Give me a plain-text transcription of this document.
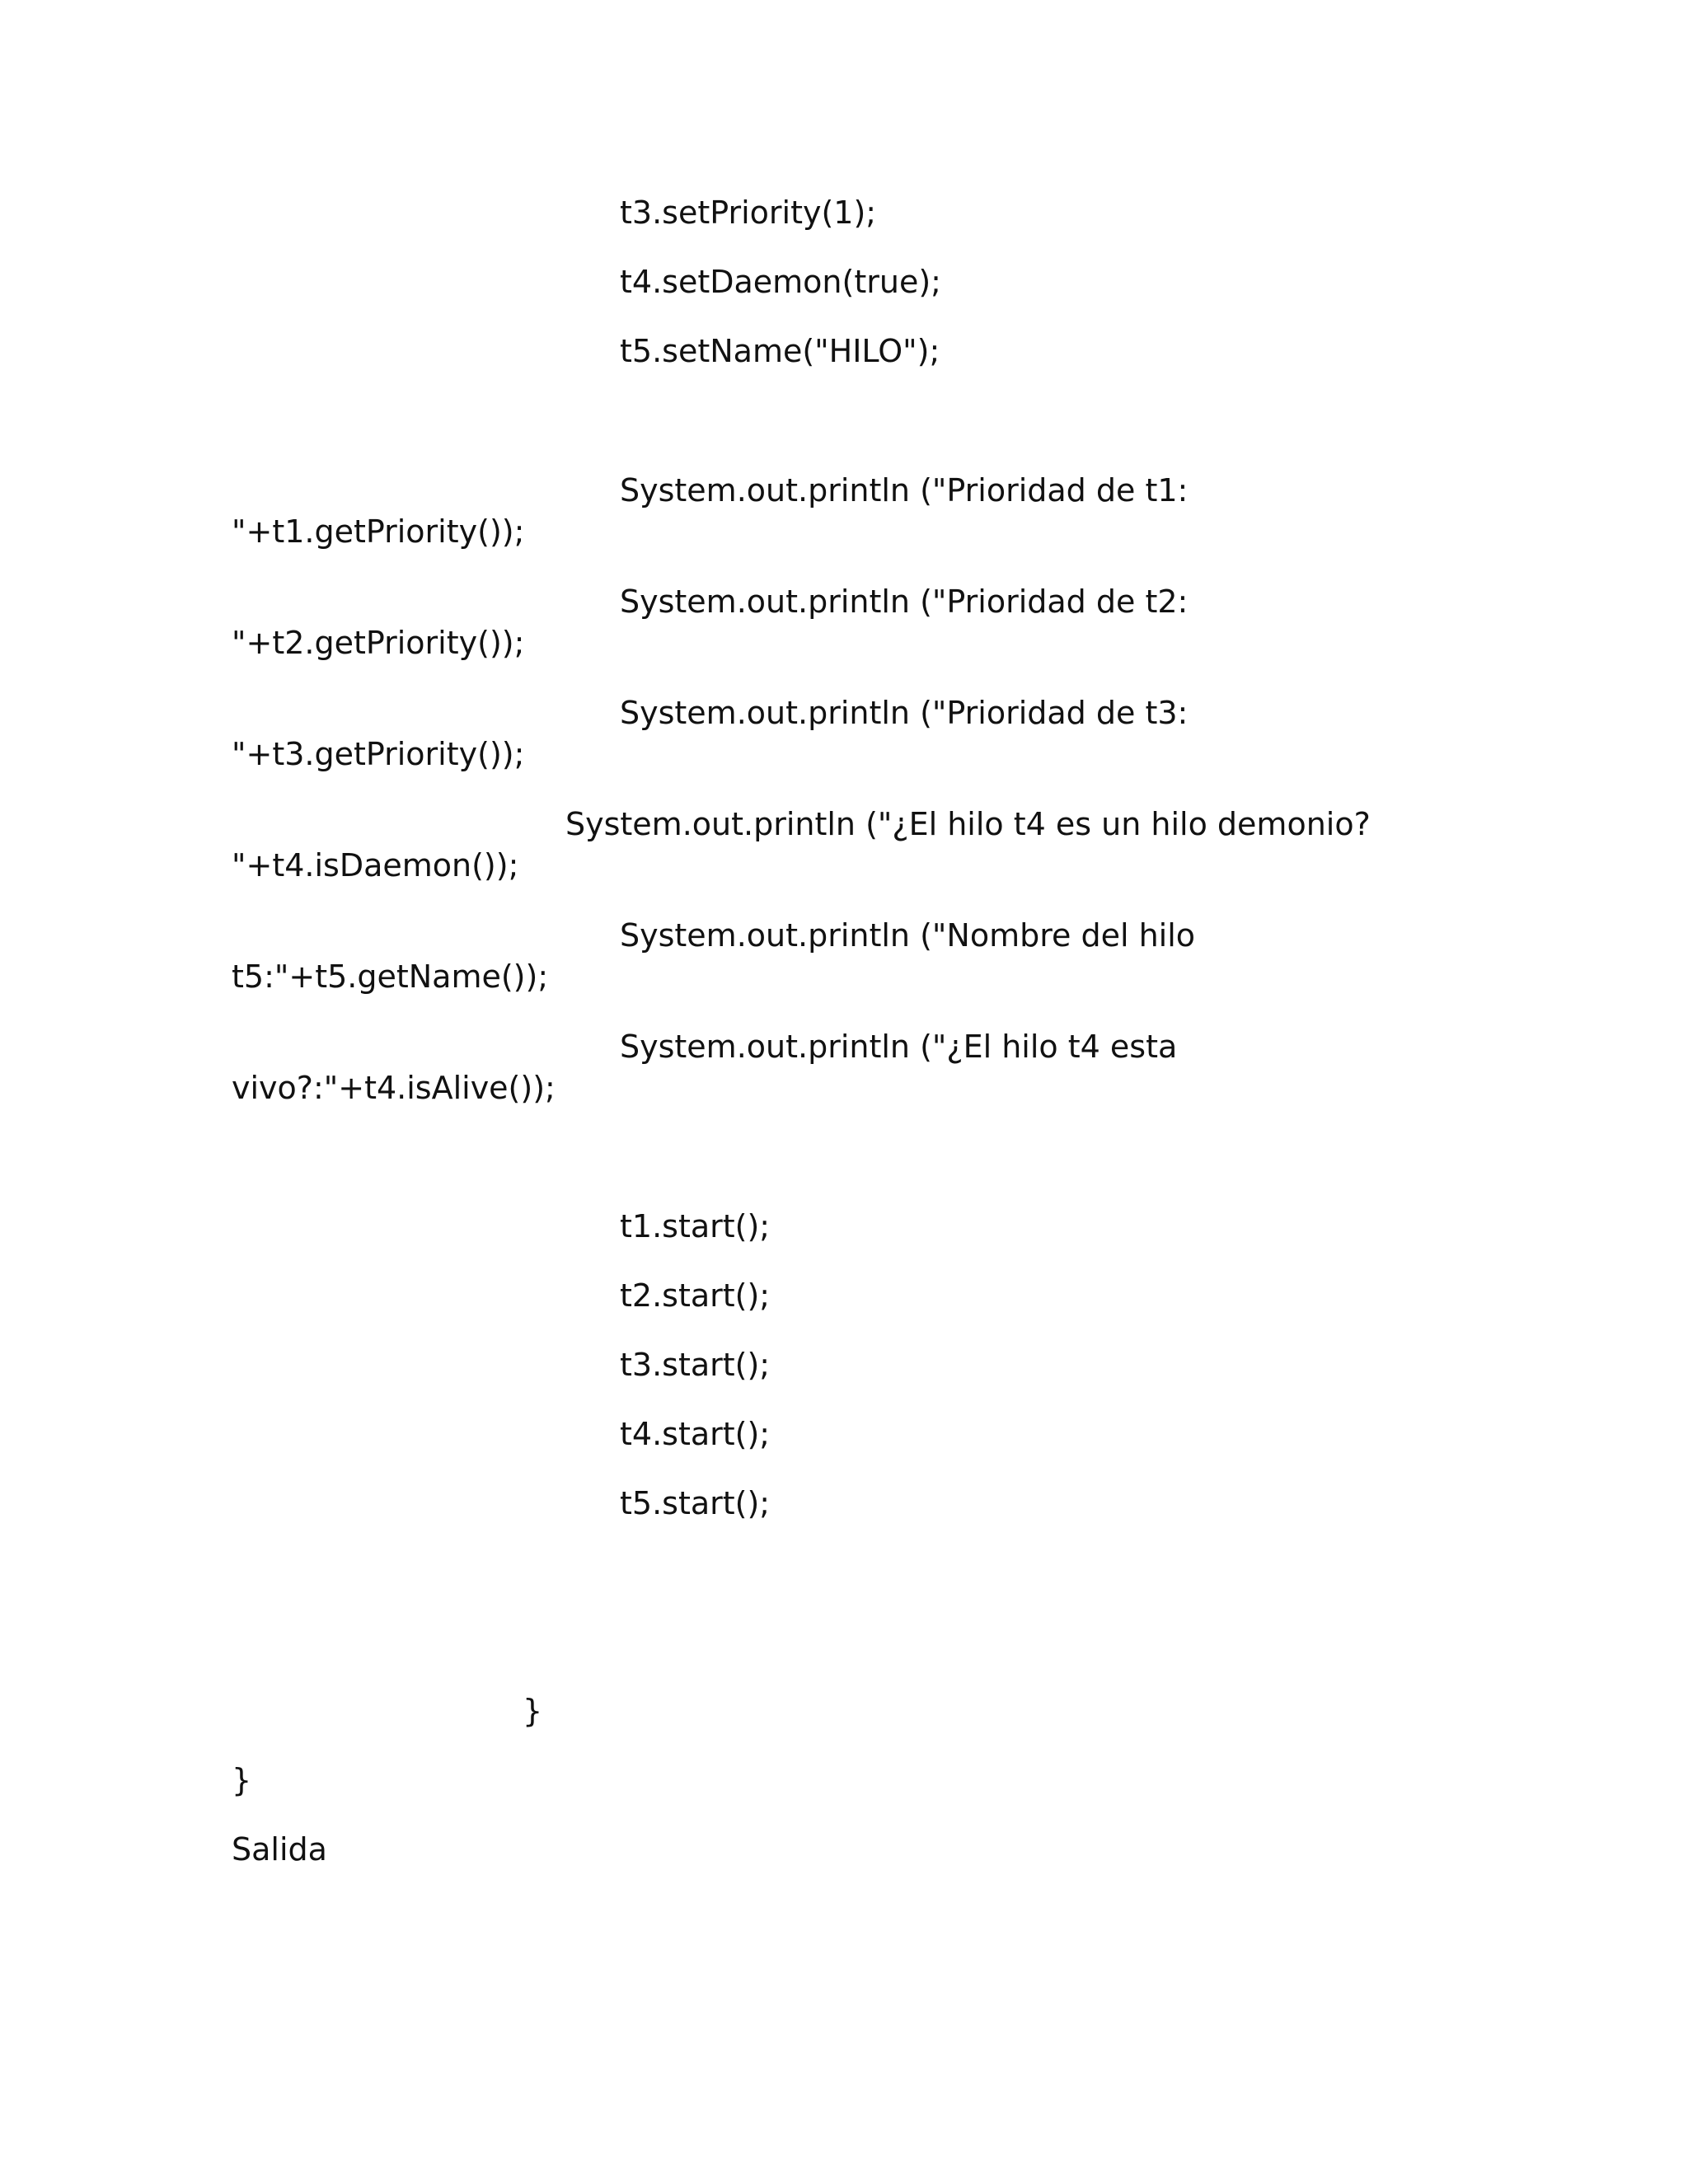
t3.setPriority(1);
t4.setDaemon(true);
t5.setName("HILO");
System.out.println ("Prioridad de t1:
"+t1.getPriority());
System.out.println ("Prioridad de t2:
"+t2.getPriority());
System.out.println ("Prioridad de t3:
"+t3.getPriority());
System.out.println ("¿El hilo t4 es un hilo demonio?
"+t4.isDaemon());
System.out.println ("Nombre del hilo
t5:"+t5.getName());
System.out.println ("¿El hilo t4 esta
vivo?:"+t4.isAlive());
t1.start();
t2.start();
t3.start();
t4.start();
t5.start();
}
}
Salida
